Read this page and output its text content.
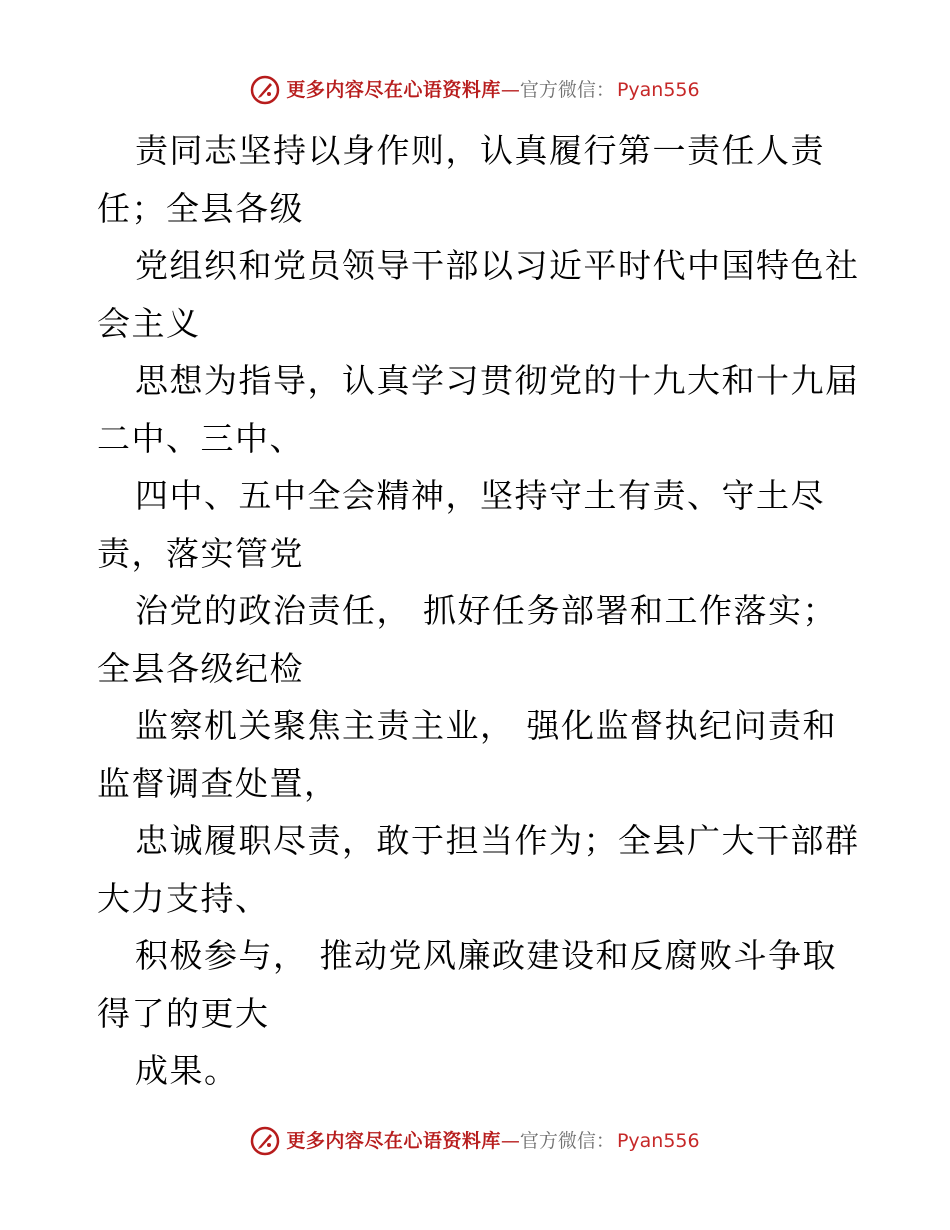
更多内容尽在心语资料库 — 官方微信： Pyan556
责同志坚持以身作则，认真履行第一责任人责
任；全县各级
党组织和党员领导干部以习近平时代中国特色社
会主义
思想为指导，认真学习贯彻党的十九大和十九届
二中、三中、
四中、五中全会精神，坚持守土有责、守土尽
责，落实管党
治党的政治责任， 抓好任务部署和工作落实；
全县各级纪检
监察机关聚焦主责主业， 强化监督执纪问责和
监督调查处置，
忠诚履职尽责，敢于担当作为；全县广大干部群
大力支持、
积极参与， 推动党风廉政建设和反腐败斗争取
得了的更大
成果。
更多内容尽在心语资料库 — 官方微信： Pyan556
